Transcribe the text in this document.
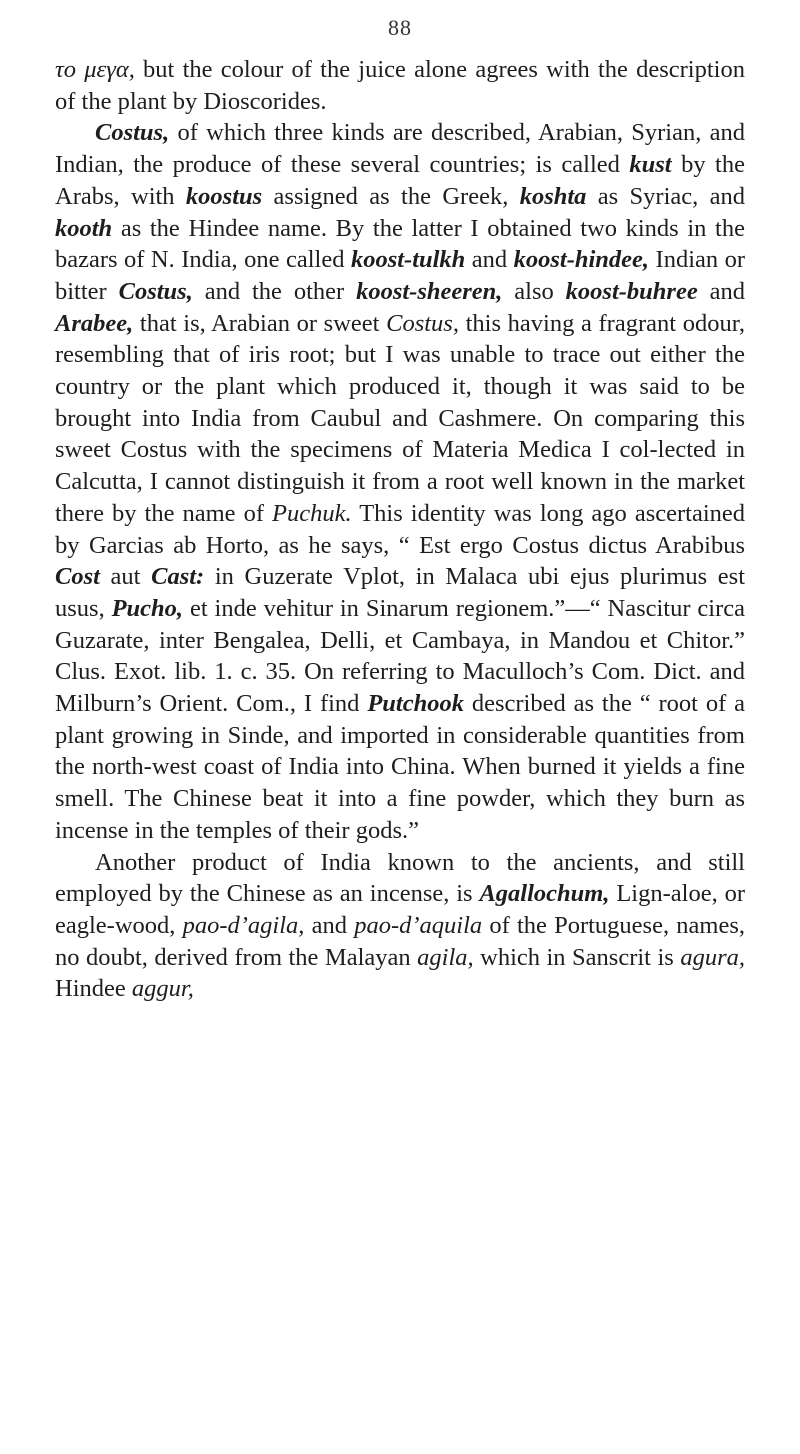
88

το μεγα, but the colour of the juice alone agrees with the description of the plant by Dioscorides.

Costus, of which three kinds are described, Arabian, Syrian, and Indian, the produce of these several countries; is called kust by the Arabs, with koostus assigned as the Greek, koshta as Syriac, and kooth as the Hindee name. By the latter I obtained two kinds in the bazars of N. India, one called koost-tulkh and koost-hindee, Indian or bitter Costus, and the other koost-sheeren, also koost-buhree and Arabee, that is, Arabian or sweet Costus, this having a fragrant odour, resembling that of iris root; but I was unable to trace out either the country or the plant which produced it, though it was said to be brought into India from Caubul and Cashmere. On comparing this sweet Costus with the specimens of Materia Medica I col-lected in Calcutta, I cannot distinguish it from a root well known in the market there by the name of Puchuk. This identity was long ago ascertained by Garcias ab Horto, as he says, “ Est ergo Costus dictus Arabibus Cost aut Cast: in Guzerate Vplot, in Malaca ubi ejus plurimus est usus, Pucho, et inde vehitur in Sinarum regionem.”—“ Nascitur circa Guzarate, inter Bengalea, Delli, et Cambaya, in Mandou et Chitor.” Clus. Exot. lib. 1. c. 35. On referring to Maculloch’s Com. Dict. and Milburn’s Orient. Com., I find Putchook described as the “ root of a plant growing in Sinde, and imported in considerable quantities from the north-west coast of India into China. When burned it yields a fine smell. The Chinese beat it into a fine powder, which they burn as incense in the temples of their gods.”

Another product of India known to the ancients, and still employed by the Chinese as an incense, is Agallochum, Lign-aloe, or eagle-wood, pao-d’agila, and pao-d’aquila of the Portuguese, names, no doubt, derived from the Malayan agila, which in Sanscrit is agura, Hindee aggur,
